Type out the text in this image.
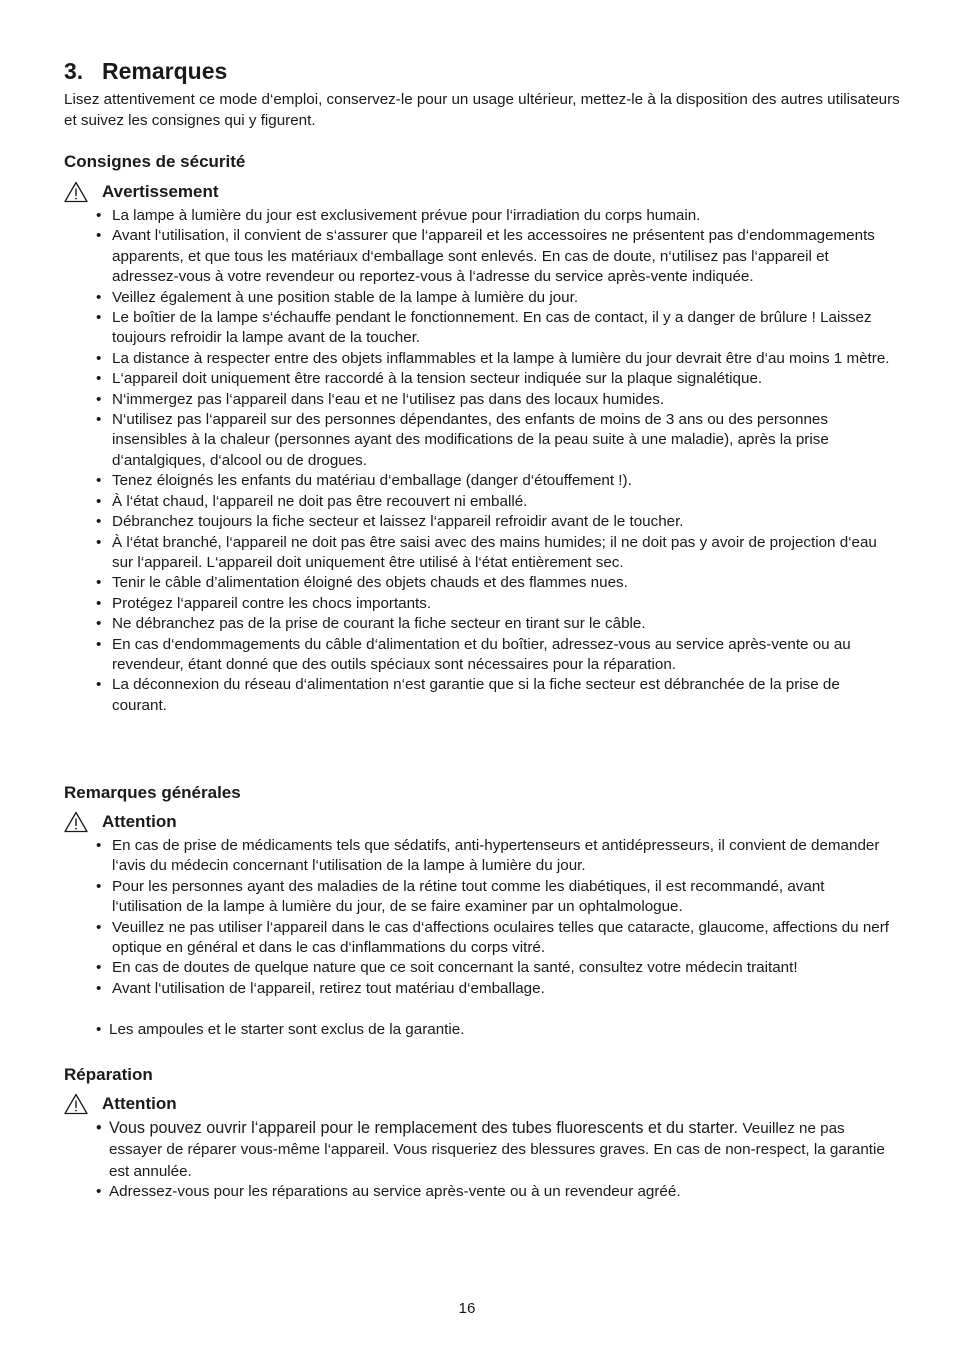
3. Remarques

Lisez attentivement ce mode d‘emploi, conservez-le pour un usage ultérieur, mettez-le à la disposition des autres utilisateurs et suivez les consignes qui y figurent.

Consignes de sécurité
Avertissement
• La lampe à lumière du jour est exclusivement prévue pour l‘irradiation du corps humain.
• Avant l‘utilisation, il convient de s‘assurer que l‘appareil et les accessoires ne présentent pas d‘endommagements apparents, et que tous les matériaux d‘emballage sont enlevés. En cas de doute, n‘utilisez pas l‘appareil et adressez-vous à votre revendeur ou reportez-vous à l‘adresse du service après-vente indiquée.
• Veillez également à une position stable de la lampe à lumière du jour.
• Le boîtier de la lampe s‘échauffe pendant le fonctionnement. En cas de contact, il y a danger de brûlure ! Laissez toujours refroidir la lampe avant de la toucher.
• La distance à respecter entre des objets inflammables et la lampe à lumière du jour devrait être d‘au moins 1 mètre.
• L‘appareil doit uniquement être raccordé à la tension secteur indiquée sur la plaque signalétique.
• N‘immergez pas l‘appareil dans l‘eau et ne l‘utilisez pas dans des locaux humides.
• N‘utilisez pas l‘appareil sur des personnes dépendantes, des enfants de moins de 3 ans ou des personnes insensibles à la chaleur (personnes ayant des modifications de la peau suite à une maladie), après la prise d‘antalgiques, d‘alcool ou de drogues.
• Tenez éloignés les enfants du matériau d‘emballage (danger d‘étouffement !).
• À l‘état chaud, l‘appareil ne doit pas être recouvert ni emballé.
• Débranchez toujours la fiche secteur et laissez l‘appareil refroidir avant de le toucher.
• À l‘état branché, l‘appareil ne doit pas être saisi avec des mains humides; il ne doit pas y avoir de projection d‘eau sur l‘appareil. L‘appareil doit uniquement être utilisé à l‘état entièrement sec.
• Tenir le câble d’alimentation éloigné des objets chauds et des flammes nues.
• Protégez l‘appareil contre les chocs importants.
• Ne débranchez pas de la prise de courant la fiche secteur en tirant sur le câble.
• En cas d‘endommagements du câble d‘alimentation et du boîtier, adressez-vous au service après-vente ou au revendeur, étant donné que des outils spéciaux sont nécessaires pour la réparation.
• La déconnexion du réseau d‘alimentation n‘est garantie que si la fiche secteur est débranchée de la prise de courant.
Remarques générales
Attention
• En cas de prise de médicaments tels que sédatifs, anti-hypertenseurs et antidépresseurs, il convient de demander l‘avis du médecin concernant l‘utilisation de la lampe à lumière du jour.
• Pour les personnes ayant des maladies de la rétine tout comme les diabétiques, il est recommandé, avant l‘utilisation de la lampe à lumière du jour, de se faire examiner par un ophtalmologue.
• Veuillez ne pas utiliser l‘appareil dans le cas d‘affections oculaires telles que cataracte, glaucome, affections du nerf optique en général et dans le cas d‘inflammations du corps vitré.
• En cas de doutes de quelque nature que ce soit concernant la santé, consultez votre médecin traitant!
• Avant l‘utilisation de l‘appareil, retirez tout matériau d‘emballage.
• Les ampoules et le starter sont exclus de la garantie.
Réparation
Attention
• Vous pouvez ouvrir l‘appareil pour le remplacement des tubes fluorescents et du starter. Veuillez ne pas essayer de réparer vous-même l‘appareil. Vous risqueriez des blessures graves. En cas de non-respect, la garantie est annulée.
• Adressez-vous pour les réparations au service après-vente ou à un revendeur agréé.
16
